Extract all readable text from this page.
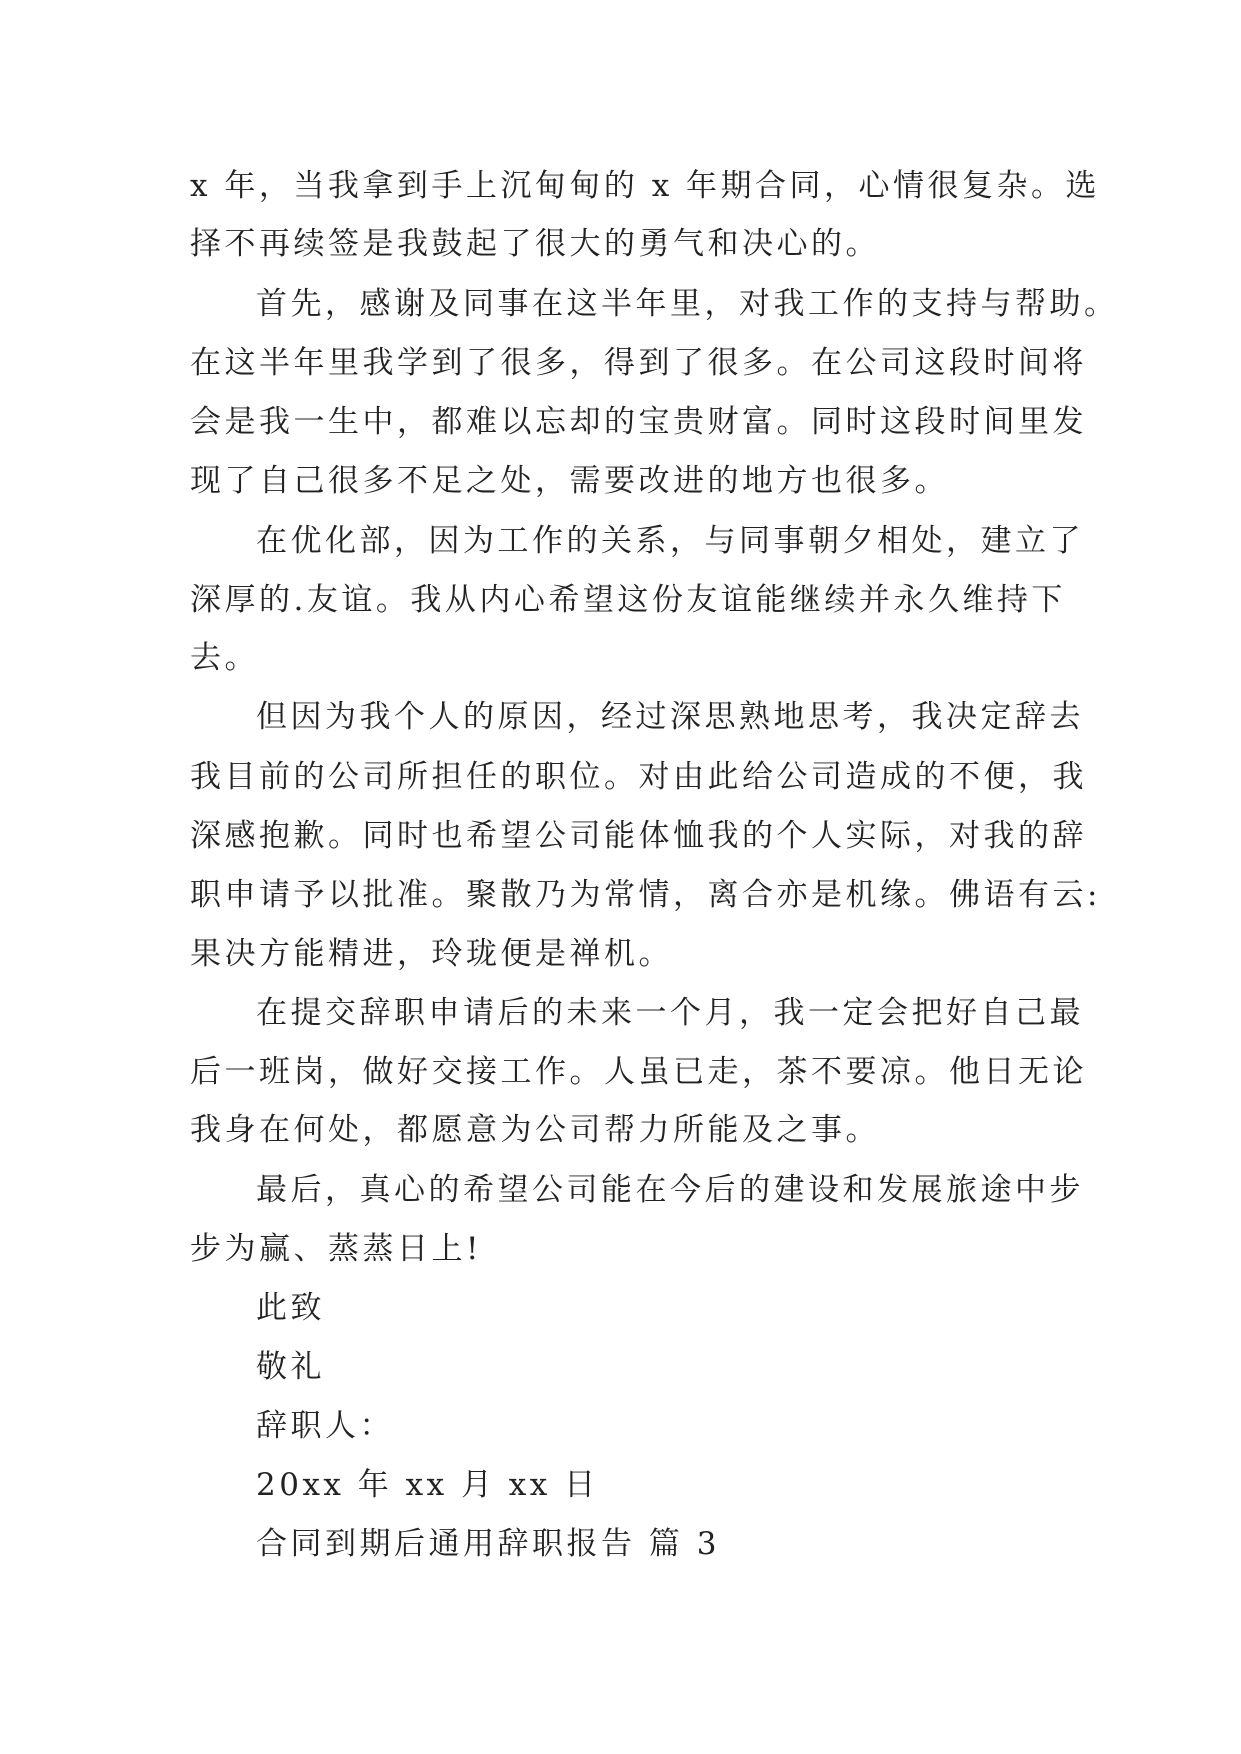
x 年，当我拿到手上沉甸甸的 x 年期合同，心情很复杂。选
择不再续签是我鼓起了很大的勇气和决心的。
首先，感谢及同事在这半年里，对我工作的支持与帮助。
在这半年里我学到了很多，得到了很多。在公司这段时间将
会是我一生中，都难以忘却的宝贵财富。同时这段时间里发
现了自己很多不足之处，需要改进的地方也很多。
在优化部，因为工作的关系，与同事朝夕相处，建立了
深厚的.友谊。我从内心希望这份友谊能继续并永久维持下
去。
但因为我个人的原因，经过深思熟地思考，我决定辞去
我目前的公司所担任的职位。对由此给公司造成的不便，我
深感抱歉。同时也希望公司能体恤我的个人实际，对我的辞
职申请予以批准。聚散乃为常情，离合亦是机缘。佛语有云:
果决方能精进，玲珑便是禅机。
在提交辞职申请后的未来一个月，我一定会把好自己最
后一班岗，做好交接工作。人虽已走，茶不要凉。他日无论
我身在何处，都愿意为公司帮力所能及之事。
最后，真心的希望公司能在今后的建设和发展旅途中步
步为赢、蒸蒸日上!
此致
敬礼
辞职人：
20xx 年 xx 月 xx 日
合同到期后通用辞职报告 篇 3
